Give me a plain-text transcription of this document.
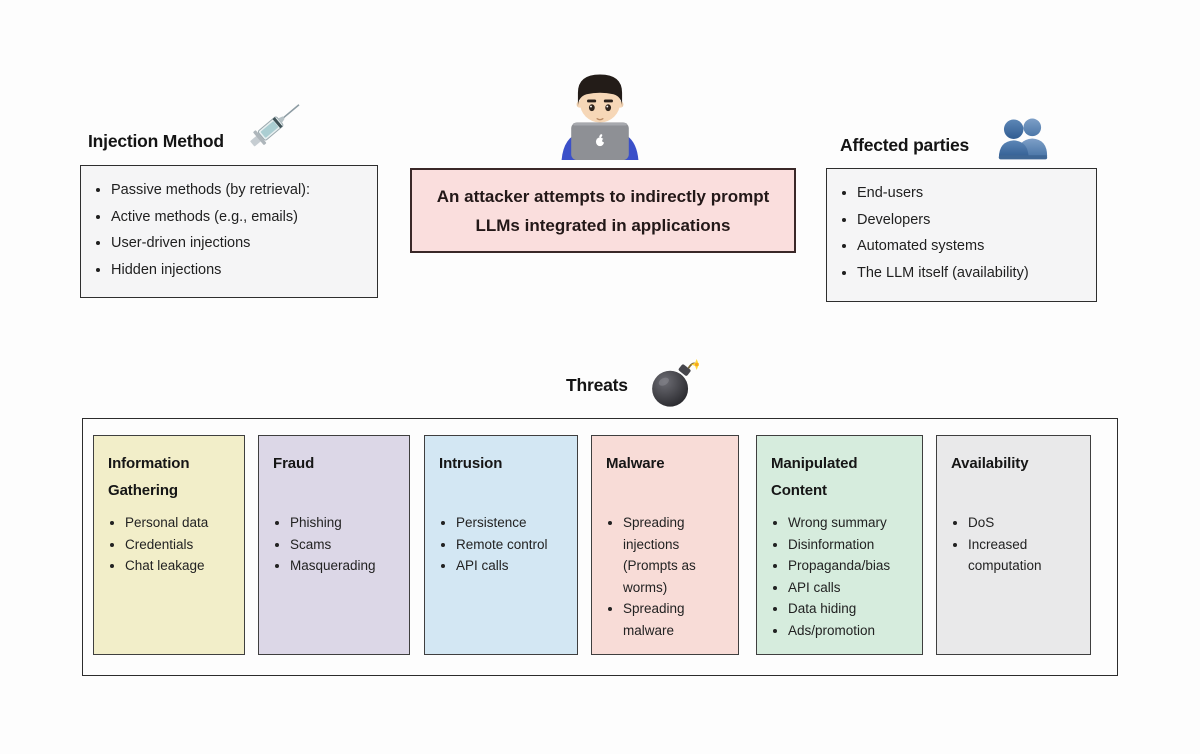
Injection Method
• Passive methods (by retrieval):
• Active methods (e.g., emails)
• User-driven injections
• Hidden injections
An attacker attempts to indirectly prompt
LLMs integrated in applications
Affected parties
• End-users
• Developers
• Automated systems
• The LLM itself (availability)
Threats
Information Gathering
• Personal data
• Credentials
• Chat leakage
Fraud
• Phishing
• Scams
• Masquerading
Intrusion
• Persistence
• Remote control
• API calls
Malware
• Spreading injections (Prompts as worms)
• Spreading malware
Manipulated Content
• Wrong summary
• Disinformation
• Propaganda/bias
• API calls
• Data hiding
• Ads/promotion
Availability
• DoS
• Increased computation
